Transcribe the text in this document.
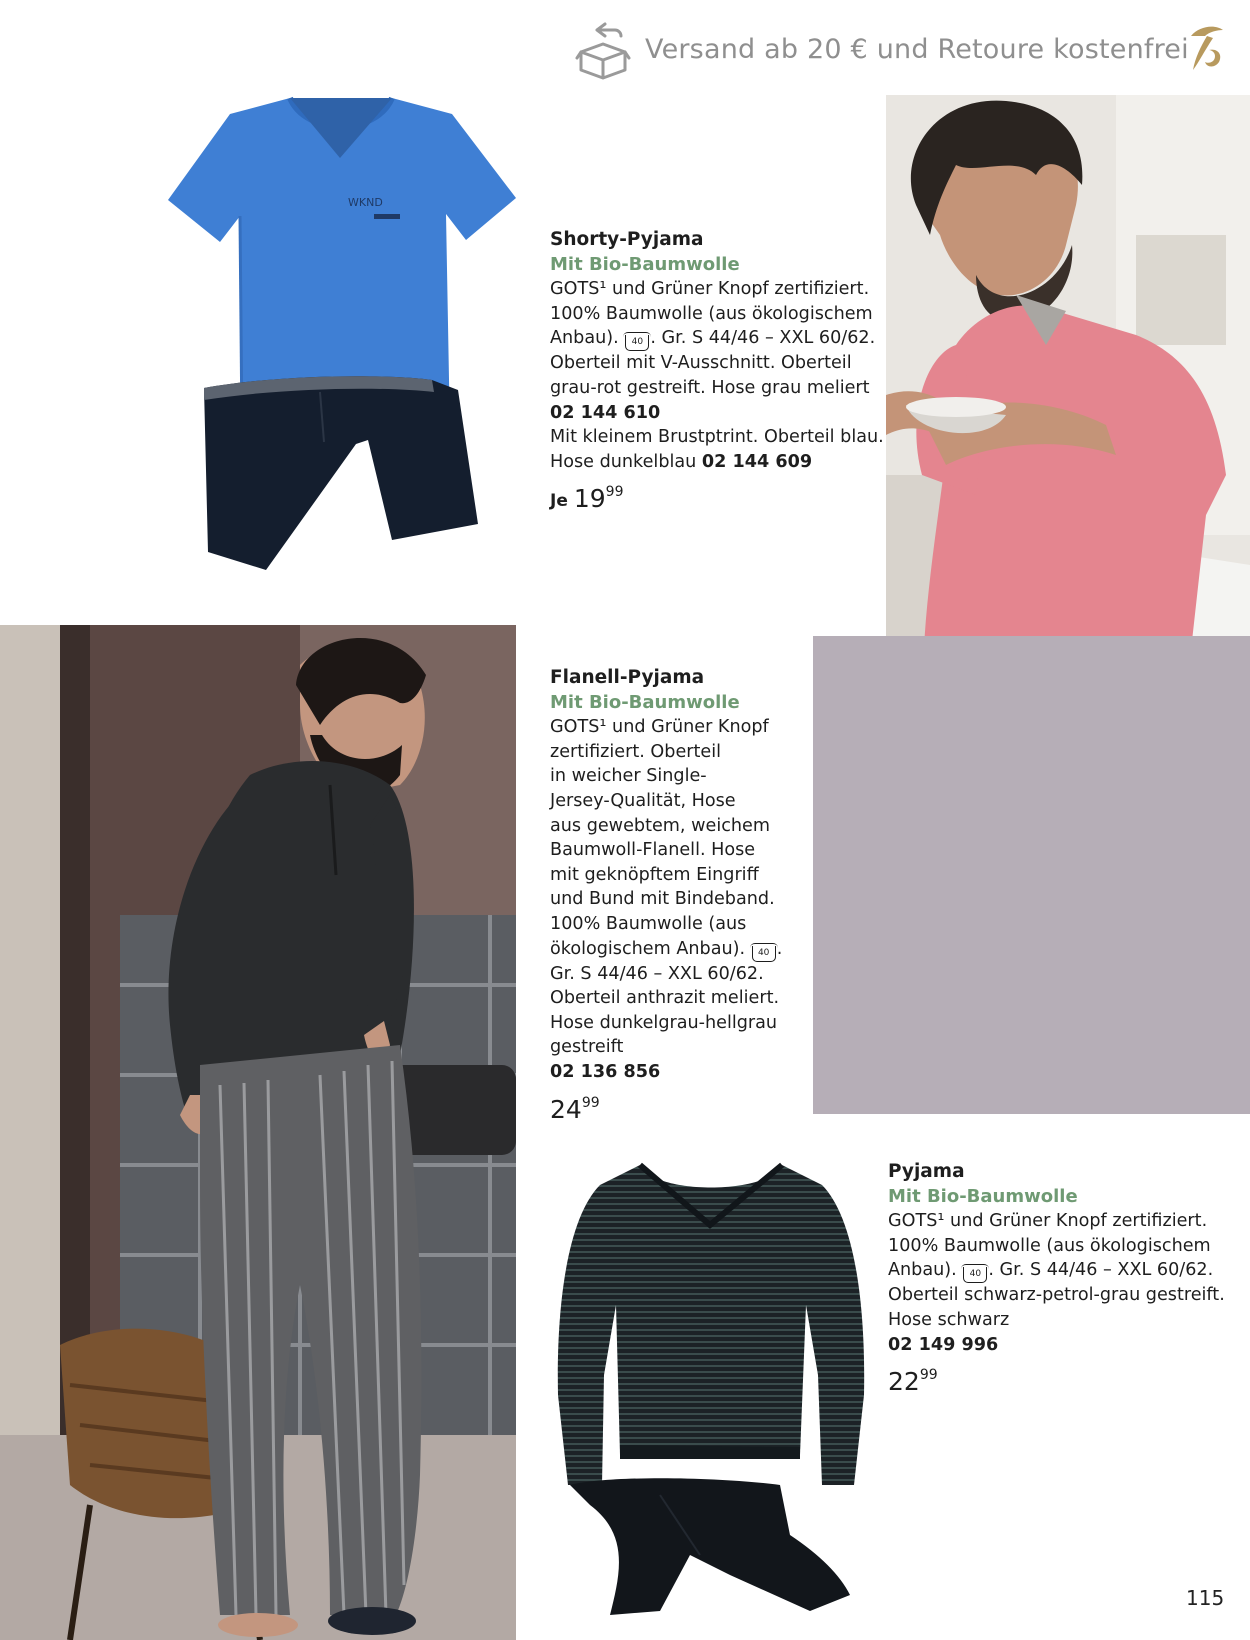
Versand ab 20 € und Retoure kostenfrei
WKND
Shorty-Pyjama
Mit Bio-Baumwolle
GOTS¹ und Grüner Knopf zertifiziert.
100% Baumwolle (aus ökologischem
Anbau). 40 . Gr. S 44/46 – XXL 60/62.
Oberteil mit V-Ausschnitt. Oberteil
grau-rot gestreift. Hose grau meliert
02 144 610
Mit kleinem Brustptrint. Oberteil blau.
Hose dunkelblau 02 144 609
Je $19^{99}$
Flanell-Pyjama
Mit Bio-Baumwolle
GOTS¹ und Grüner Knopf
zertifiziert. Oberteil
in weicher Single-
Jersey-Qualität, Hose
aus gewebtem, weichem
Baumwoll-Flanell. Hose
mit geknöpftem Eingriff
und Bund mit Bindeband.
100% Baumwolle (aus
ökologischem Anbau). 40 .
Gr. S 44/46 – XXL 60/62.
Oberteil anthrazit meliert.
Hose dunkelgrau-hellgrau
gestreift
02 136 856
$24^{99}$
Pyjama
Mit Bio-Baumwolle
GOTS¹ und Grüner Knopf zertifiziert.
100% Baumwolle (aus ökologischem
Anbau). 40 . Gr. S 44/46 – XXL 60/62.
Oberteil schwarz-petrol-grau gestreift.
Hose schwarz
02 149 996
$22^{99}$
115
